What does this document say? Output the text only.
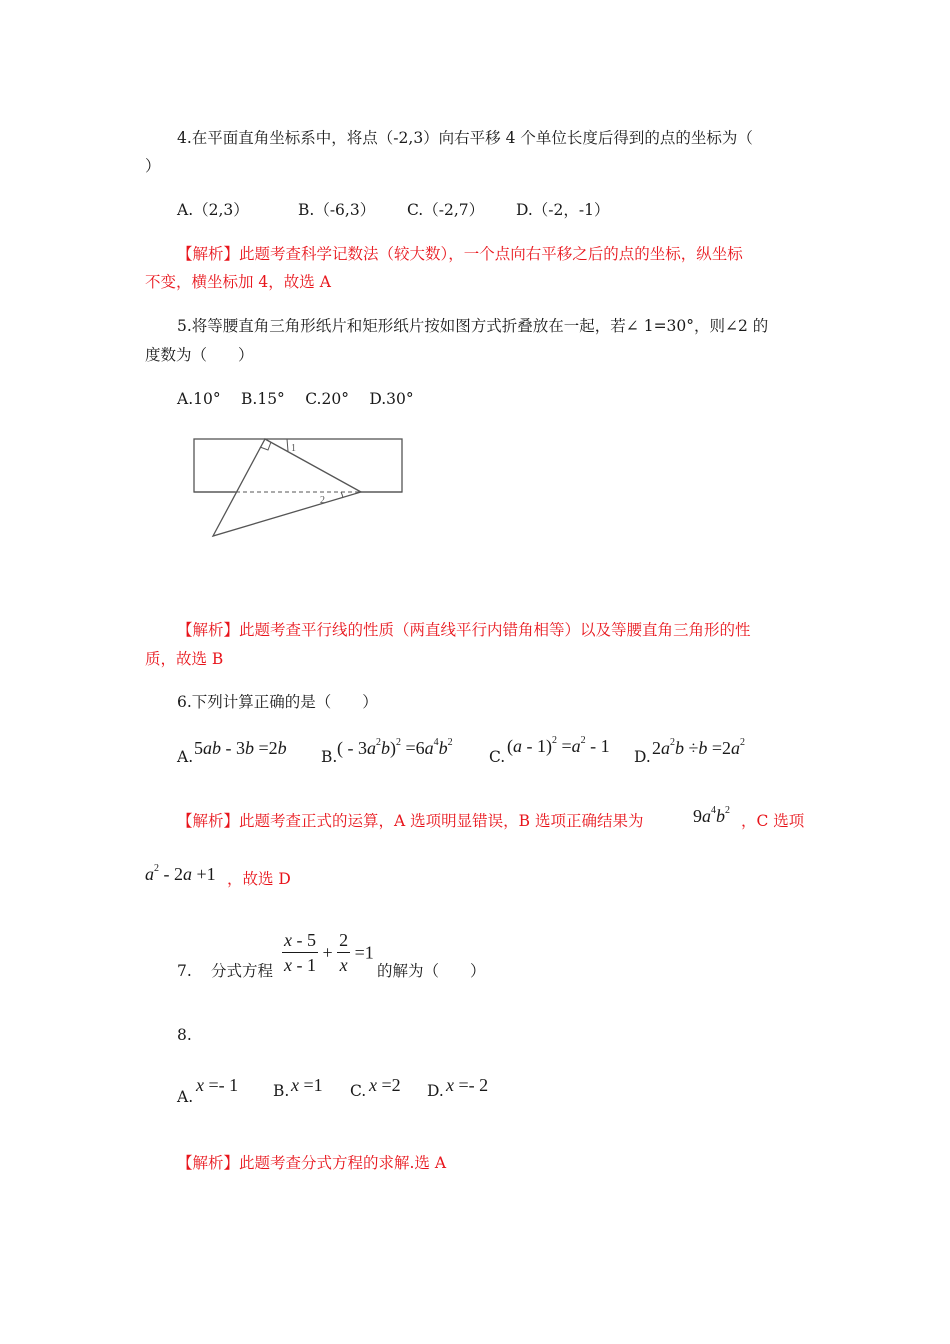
4.在平面直角坐标系中，将点（-2,3）向右平移 4 个单位长度后得到的点的坐标为（
）
A.（2,3）	B.（-6,3） C.（-2,7） D.（-2，-1）
【解析】此题考查科学记数法（较大数），一个点向右平移之后的点的坐标，纵坐标
不变，横坐标加 4，故选 A
5.将等腰直角三角形纸片和矩形纸片按如图方式折叠放在一起，若∠ 1=30°，则∠2 的
度数为（　　）
A.10°　 B.15°　 C.20°　 D.30°
1
2
【解析】此题考查平行线的性质（两直线平行内错角相等）以及等腰直角三角形的性
质，故选 B
6.下列计算正确的是（　　）
A. 5ab - 3b =2b B. ( - $3a^2b)^2 =6a^4b^2$
C.
$(a - 1)^2 =a^2 - 1$
D. $2a^2b \div b =2a^2$
【解析】此题考查正式的运算，A 选项明显错误，B 选项正确结果为	$9a^4b^2$
，C 选项
$a^2 - 2a +1$ ，故选 D
7. 分式方程 $\frac{x - 5}{x - 1} + \frac{2}{x} =1$
的解为（　　）
8.
A.
x =- 1 B. x =1 C. x =2 D. x =- 2
【解析】此题考查分式方程的求解.选 A
